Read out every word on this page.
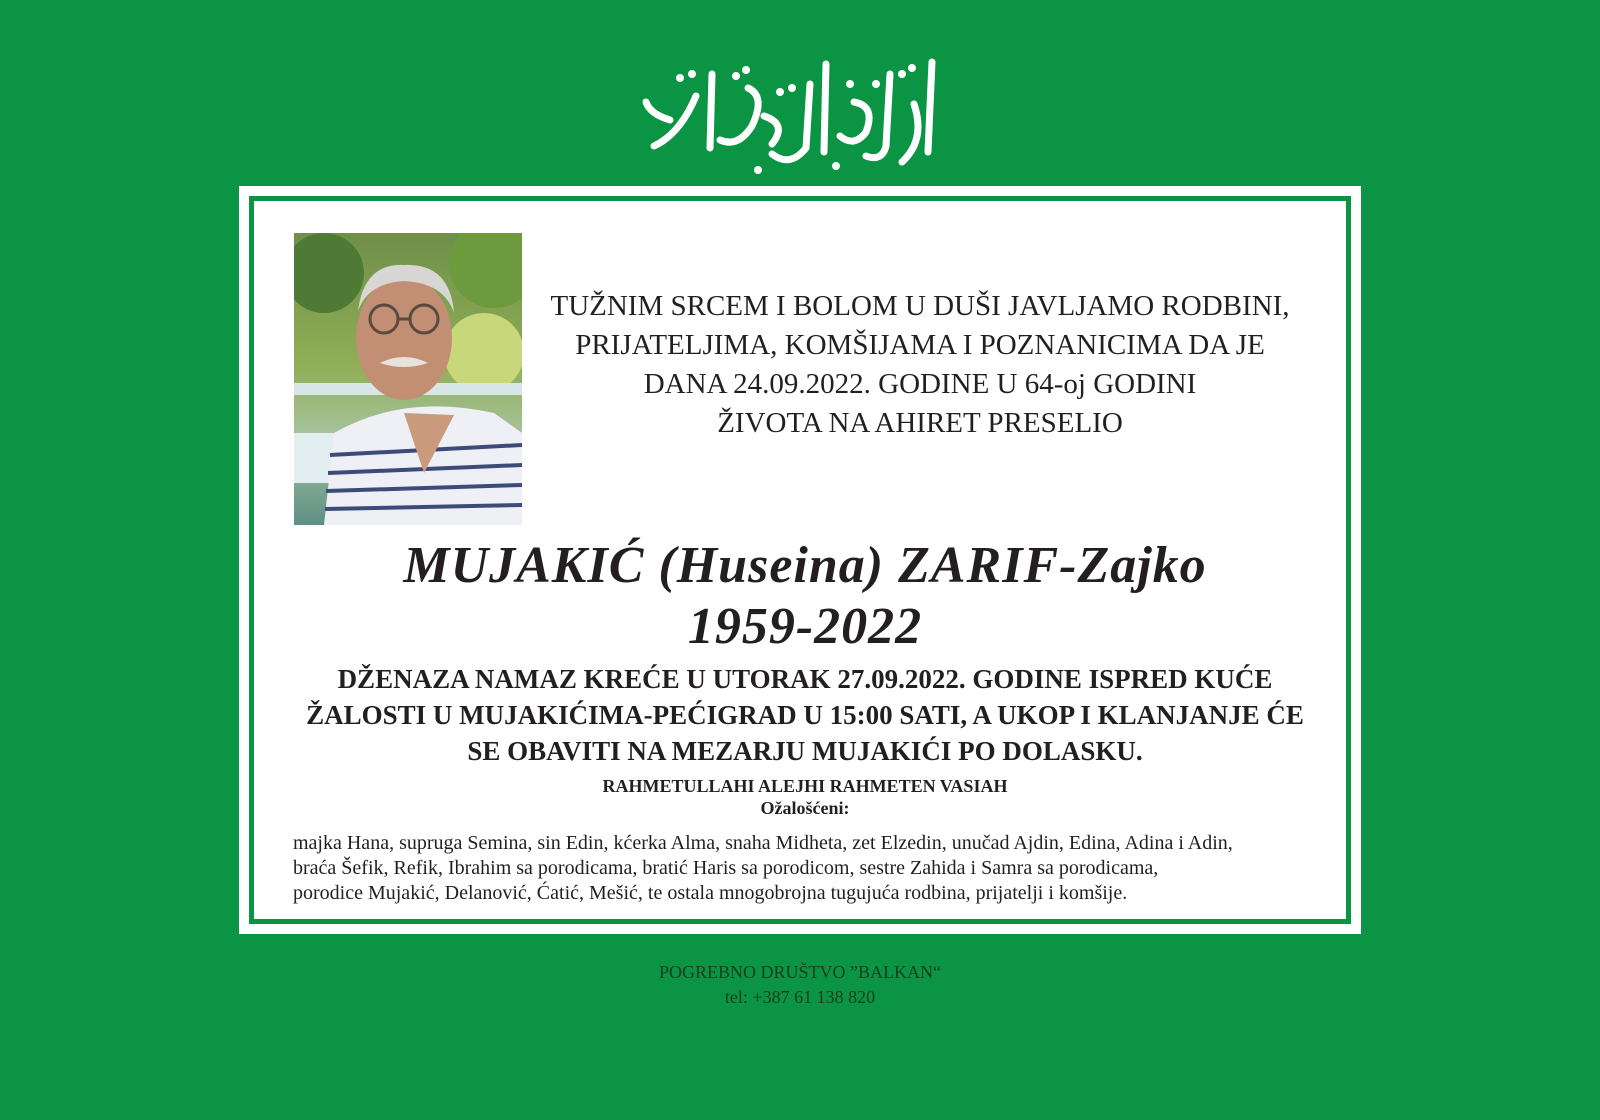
TUŽNIM SRCEM I BOLOM U DUŠI JAVLJAMO RODBINI,
PRIJATELJIMA, KOMŠIJAMA I POZNANICIMA DA JE
DANA 24.09.2022. GODINE U 64-oj GODINI
ŽIVOTA NA AHIRET PRESELIO
MUJAKIĆ (Huseina) ZARIF-Zajko
1959-2022
DŽENAZA NAMAZ KREĆE U UTORAK 27.09.2022. GODINE ISPRED KUĆE
ŽALOSTI U MUJAKIĆIMA-PEĆIGRAD U 15:00 SATI, A UKOP I KLANJANJE ĆE
SE OBAVITI NA MEZARJU MUJAKIĆI PO DOLASKU.
RAHMETULLAHI ALEJHI RAHMETEN VASIAH
Ožalošćeni:
majka Hana, supruga Semina, sin Edin, kćerka Alma, snaha Midheta, zet Elzedin, unučad Ajdin, Edina, Adina i Adin,
braća Šefik, Refik, Ibrahim sa porodicama, bratić Haris sa porodicom, sestre Zahida i Samra sa porodicama,
porodice Mujakić, Delanović, Ćatić, Mešić, te ostala mnogobrojna tugujuća rodbina, prijatelji i komšije.
POGREBNO DRUŠTVO ”BALKAN“
tel: +387 61 138 820
